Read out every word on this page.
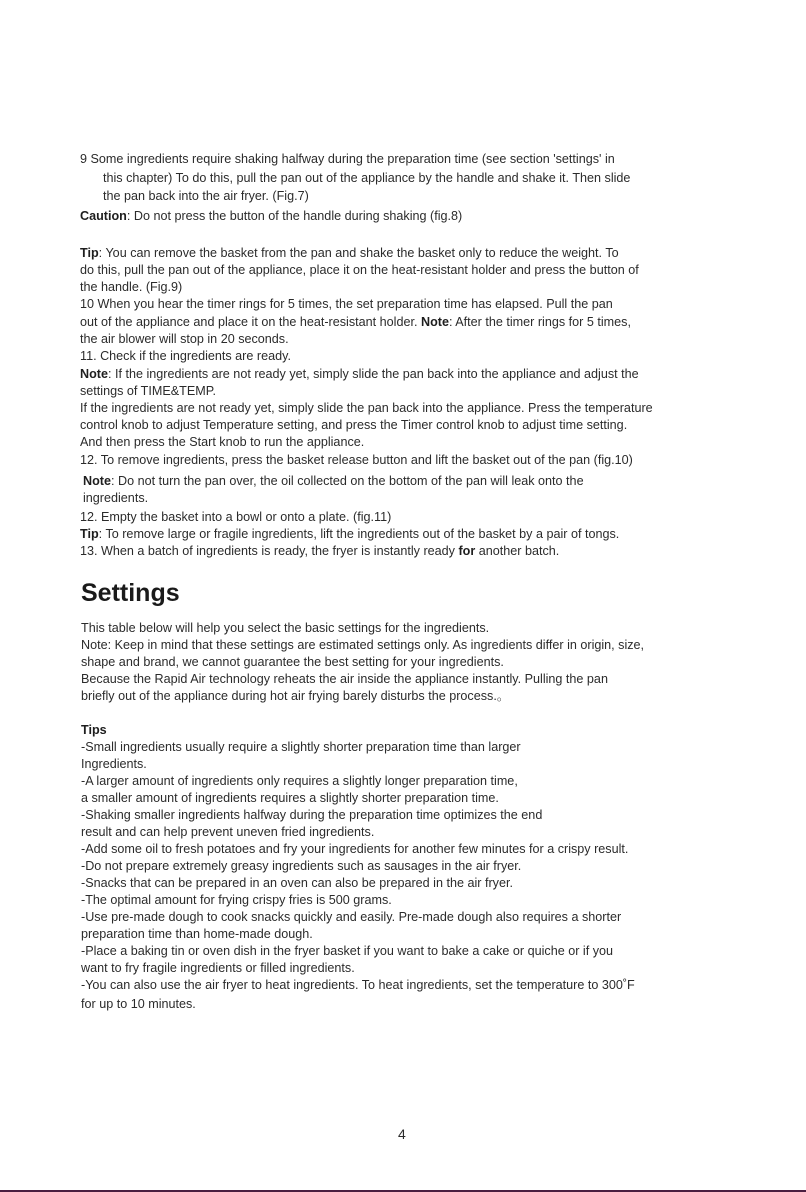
9 Some ingredients require shaking halfway during the preparation time (see section 'settings' in
this chapter) To do this, pull the pan out of the appliance by the handle and shake it. Then slide
the pan back into the air fryer. (Fig.7)
Caution: Do not press the button of the handle during shaking (fig.8)
Tip: You can remove the basket from the pan and shake the basket only to reduce the weight. To
do this, pull the pan out of the appliance, place it on the heat-resistant holder and press the button of
the handle. (Fig.9)
10 When you hear the timer rings for 5 times, the set preparation time has elapsed. Pull the pan
out of the appliance and place it on the heat-resistant holder. Note: After the timer rings for 5 times,
the air blower will stop in 20 seconds.
11. Check if the ingredients are ready.
Note: If the ingredients are not ready yet, simply slide the pan back into the appliance and adjust the
settings of TIME&TEMP.
If the ingredients are not ready yet, simply slide the pan back into the appliance. Press the temperature
control knob to adjust Temperature setting, and press the Timer control knob to adjust time setting.
And then press the Start knob to run the appliance.
12. To remove ingredients, press the basket release button and lift the basket out of the pan (fig.10)
Note: Do not turn the pan over, the oil collected on the bottom of the pan will leak onto the
ingredients.
12. Empty the basket into a bowl or onto a plate. (fig.11)
Tip: To remove large or fragile ingredients, lift the ingredients out of the basket by a pair of tongs.
13. When a batch of ingredients is ready, the fryer is instantly ready for another batch.
Settings
This table below will help you select the basic settings for the ingredients.
Note: Keep in mind that these settings are estimated settings only. As ingredients differ in origin, size,
shape and brand, we cannot guarantee the best setting for your ingredients.
Because the Rapid Air technology reheats the air inside the appliance instantly. Pulling the pan
briefly out of the appliance during hot air frying barely disturbs the process.。
Tips
-Small ingredients usually require a slightly shorter preparation time than larger
Ingredients.
-A larger amount of ingredients only requires a slightly longer preparation time,
a smaller amount of ingredients requires a slightly shorter preparation time.
-Shaking smaller ingredients halfway during the preparation time optimizes the end
result and can help prevent uneven fried ingredients.
-Add some oil to fresh potatoes and fry your ingredients for another few minutes for a crispy result.
-Do not prepare extremely greasy ingredients such as sausages in the air fryer.
-Snacks that can be prepared in an oven can also be prepared in the air fryer.
-The optimal amount for frying crispy fries is 500 grams.
-Use pre-made dough to cook snacks quickly and easily. Pre-made dough also requires a shorter
preparation time than home-made dough.
-Place a baking tin or oven dish in the fryer basket if you want to bake a cake or quiche or if you
want to fry fragile ingredients or filled ingredients.
-You can also use the air fryer to heat ingredients. To heat ingredients, set the temperature to 300˚F
for up to 10 minutes.
4
